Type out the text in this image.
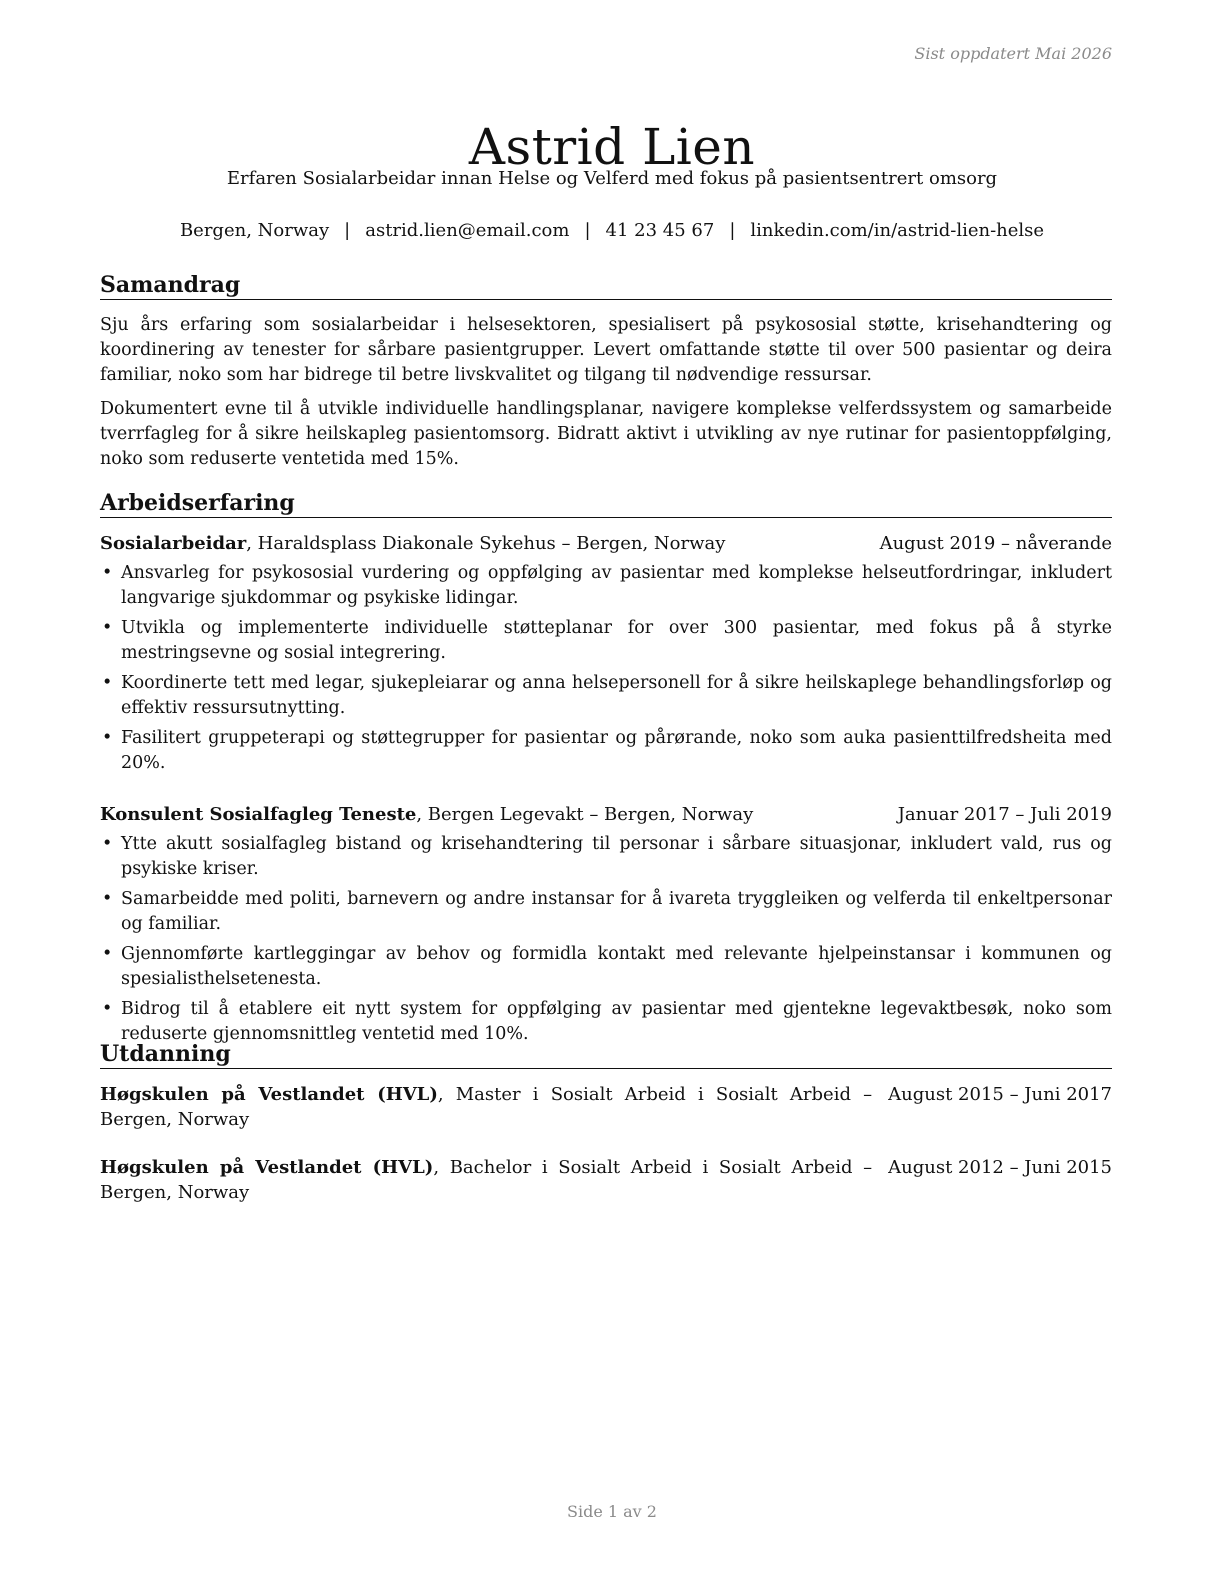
Sist oppdatert Mai 2026
Astrid Lien
Erfaren Sosialarbeidar innan Helse og Velferd med fokus på pasientsentrert omsorg
Bergen, Norway | astrid.lien@email.com | 41 23 45 67 | linkedin.com/in/astrid-lien-helse
Samandrag

Sju års erfaring som sosialarbeidar i helsesektoren, spesialisert på psykososial støtte, krisehandtering og koordinering av tenester for sårbare pasientgrupper. Levert omfattande støtte til over 500 pasientar og deira familiar, noko som har bidrege til betre livskvalitet og tilgang til nødvendige ressursar.

Dokumentert evne til å utvikle individuelle handlingsplanar, navigere komplekse velferdssystem og samarbeide tverrfagleg for å sikre heilskapleg pasientomsorg. Bidratt aktivt i utvikling av nye rutinar for pasientoppfølging, noko som reduserte ventetida med 15%.

Arbeidserfaring
Sosialarbeidar, Haraldsplass Diakonale Sykehus – Bergen, Norway	August 2019 – nåverande
• Ansvarleg for psykososial vurdering og oppfølging av pasientar med komplekse helseutfordringar, inkludert langvarige sjukdommar og psykiske lidingar.
• Utvikla og implementerte individuelle støtteplanar for over 300 pasientar, med fokus på å styrke mestringsevne og sosial integrering.
• Koordinerte tett med legar, sjukepleiarar og anna helsepersonell for å sikre heilskaplege behandlingsforløp og effektiv ressursutnytting.
• Fasilitert gruppeterapi og støttegrupper for pasientar og pårørande, noko som auka pasienttilfredsheita med 20%.
Konsulent Sosialfagleg Teneste, Bergen Legevakt – Bergen, Norway	Januar 2017 – Juli 2019
• Ytte akutt sosialfagleg bistand og krisehandtering til personar i sårbare situasjonar, inkludert vald, rus og psykiske kriser.
• Samarbeidde med politi, barnevern og andre instansar for å ivareta tryggleiken og velferda til enkeltpersonar og familiar.
• Gjennomførte kartleggingar av behov og formidla kontakt med relevante hjelpeinstansar i kommunen og spesialisthelsetenesta.
• Bidrog til å etablere eit nytt system for oppfølging av pasientar med gjentekne legevaktbesøk, noko som reduserte gjennomsnittleg ventetid med 10%.
Utdanning
Høgskulen på Vestlandet (HVL), Master i Sosialt Arbeid i Sosialt Arbeid – Bergen, Norway
August 2015 – Juni 2017
Høgskulen på Vestlandet (HVL), Bachelor i Sosialt Arbeid i Sosialt Arbeid – Bergen, Norway
August 2012 – Juni 2015
Side 1 av 2
